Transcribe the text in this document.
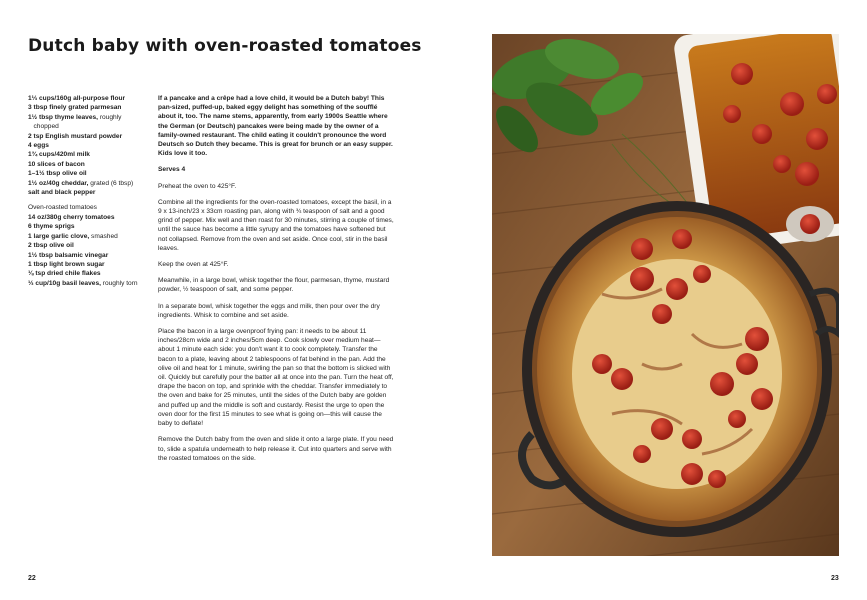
Dutch baby with oven-roasted tomatoes
1⅓ cups/160g all-purpose flour
3 tbsp finely grated parmesan
1½ tbsp thyme leaves, roughly
chopped
2 tsp English mustard powder
4 eggs
1¾ cups/420ml milk
10 slices of bacon
1–1½ tbsp olive oil
1½ oz/40g cheddar, grated (6 tbsp)
salt and black pepper
Oven-roasted tomatoes
14 oz/380g cherry tomatoes
6 thyme sprigs
1 large garlic clove, smashed
2 tbsp olive oil
1½ tbsp balsamic vinegar
1 tbsp light brown sugar
⅛ tsp dried chile flakes
⅓ cup/10g basil leaves, roughly torn

If a pancake and a crêpe had a love child, it would be a Dutch baby! This pan-sized, puffed-up, baked eggy delight has something of the soufflé about it, too. The name stems, apparently, from early 1900s Seattle where the German (or Deutsch) pancakes were being made by the owner of a family-owned restaurant. The child eating it couldn't pronounce the word Deutsch so Dutch they became. This is great for brunch or an easy supper. Kids love it too.

Serves 4

Preheat the oven to 425°F.

Combine all the ingredients for the oven-roasted tomatoes, except the basil, in a 9 x 13-inch/23 x 33cm roasting pan, along with ¾ teaspoon of salt and a good grind of pepper. Mix well and then roast for 30 minutes, stirring a couple of times, until the sauce has become a little syrupy and the tomatoes have softened but not collapsed. Remove from the oven and set aside. Once cool, stir in the basil leaves.

Keep the oven at 425°F.

Meanwhile, in a large bowl, whisk together the flour, parmesan, thyme, mustard powder, ½ teaspoon of salt, and some pepper.

In a separate bowl, whisk together the eggs and milk, then pour over the dry ingredients. Whisk to combine and set aside.

Place the bacon in a large ovenproof frying pan: it needs to be about 11 inches/28cm wide and 2 inches/5cm deep. Cook slowly over medium heat—about 1 minute each side: you don't want it to cook completely. Transfer the bacon to a plate, leaving about 2 tablespoons of fat behind in the pan. Add the olive oil and heat for 1 minute, swirling the pan so that the bottom is slicked with oil. Quickly but carefully pour the batter all at once into the pan. Turn the heat off, drape the bacon on top, and sprinkle with the cheddar. Transfer immediately to the oven and bake for 25 minutes, until the sides of the Dutch baby are golden and puffed up and the middle is soft and custardy. Resist the urge to open the oven door for the first 15 minutes to see what is going on—this will cause the baby to deflate!

Remove the Dutch baby from the oven and slide it onto a large plate. If you need to, slide a spatula underneath to help release it. Cut into quarters and serve with the roasted tomatoes on the side.

22	23
